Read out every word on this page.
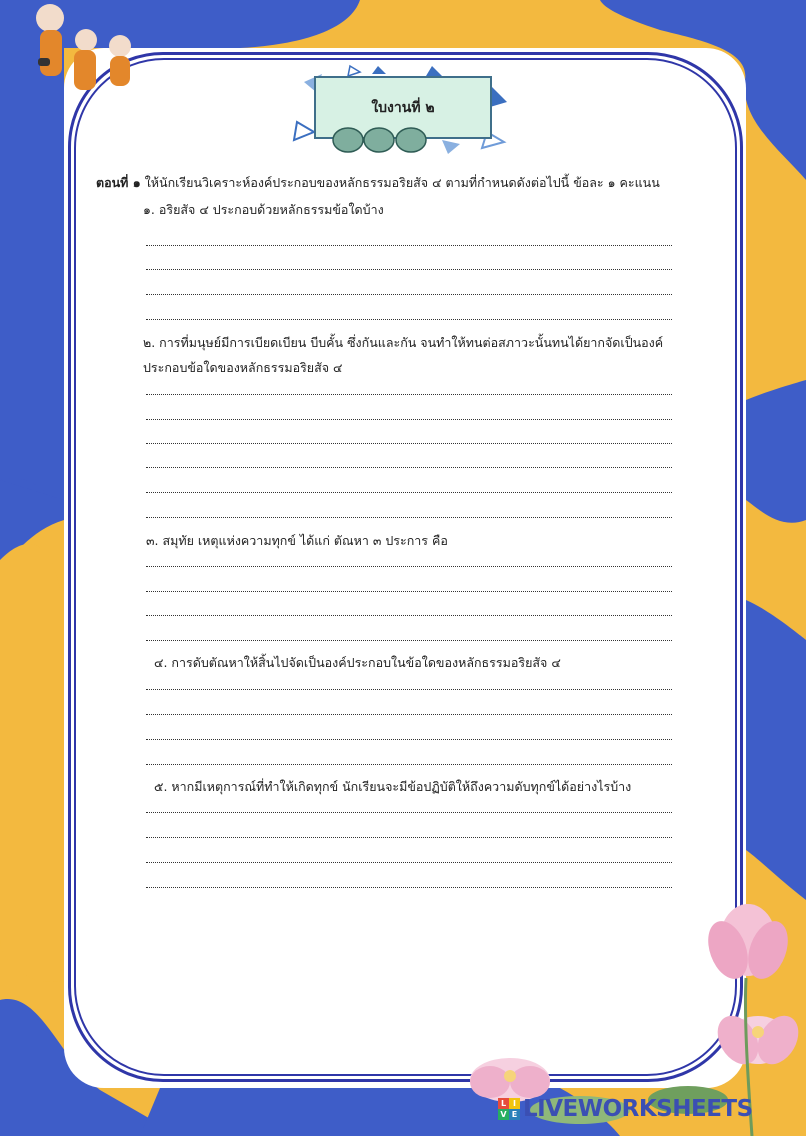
ใบงานที่ ๒
ตอนที่ ๑ ให้นักเรียนวิเคราะห์องค์ประกอบของหลักธรรมอริยสัจ ๔ ตามที่กำหนดดังต่อไปนี้ ข้อละ ๑ คะแนน
๑. อริยสัจ ๔ ประกอบด้วยหลักธรรมข้อใดบ้าง
๒. การที่มนุษย์มีการเบียดเบียน บีบคั้น ซึ่งกันและกัน จนทำให้ทนต่อสภาวะนั้นทนได้ยากจัดเป็นองค์
ประกอบข้อใดของหลักธรรมอริยสัจ ๔
๓. สมุทัย เหตุแห่งความทุกข์ ได้แก่ ตัณหา ๓ ประการ คือ
๔. การดับตัณหาให้สิ้นไปจัดเป็นองค์ประกอบในข้อใดของหลักธรรมอริยสัจ ๔
๕. หากมีเหตุการณ์ที่ทำให้เกิดทุกข์ นักเรียนจะมีข้อปฏิบัติให้ถึงความดับทุกข์ได้อย่างไรบ้าง
L I
V E LIVEWORKSHEETS
